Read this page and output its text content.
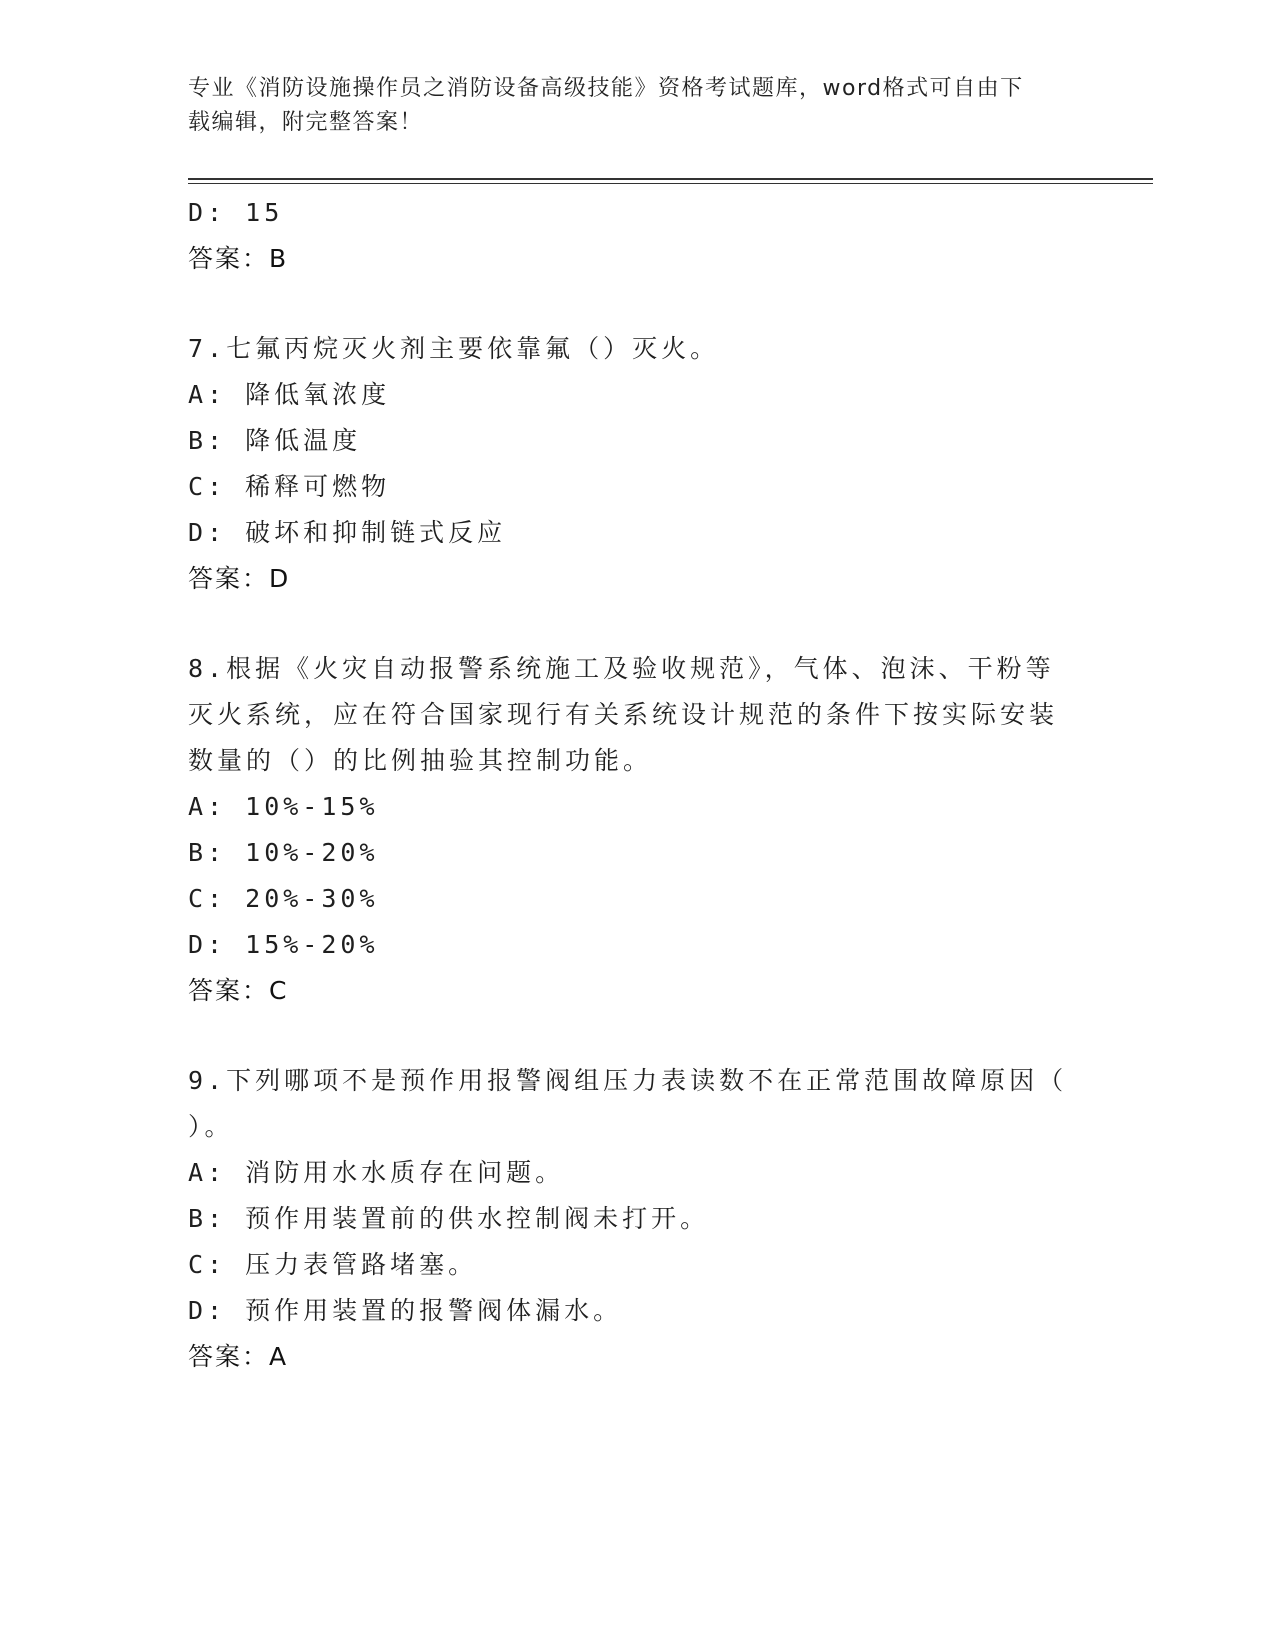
专业《消防设施操作员之消防设备高级技能》资格考试题库，word格式可自由下
载编辑，附完整答案！
D: 15
答案：B
7.七氟丙烷灭火剂主要依靠氟（）灭火。
A: 降低氧浓度
B: 降低温度
C: 稀释可燃物
D: 破坏和抑制链式反应
答案：D
8.根据《火灾自动报警系统施工及验收规范》，气体、泡沫、干粉等
灭火系统，应在符合国家现行有关系统设计规范的条件下按实际安装
数量的（）的比例抽验其控制功能。
A: 10%-15%
B: 10%-20%
C: 20%-30%
D: 15%-20%
答案：C
9.下列哪项不是预作用报警阀组压力表读数不在正常范围故障原因（
）。
A: 消防用水水质存在问题。
B: 预作用装置前的供水控制阀未打开。
C: 压力表管路堵塞。
D: 预作用装置的报警阀体漏水。
答案：A
